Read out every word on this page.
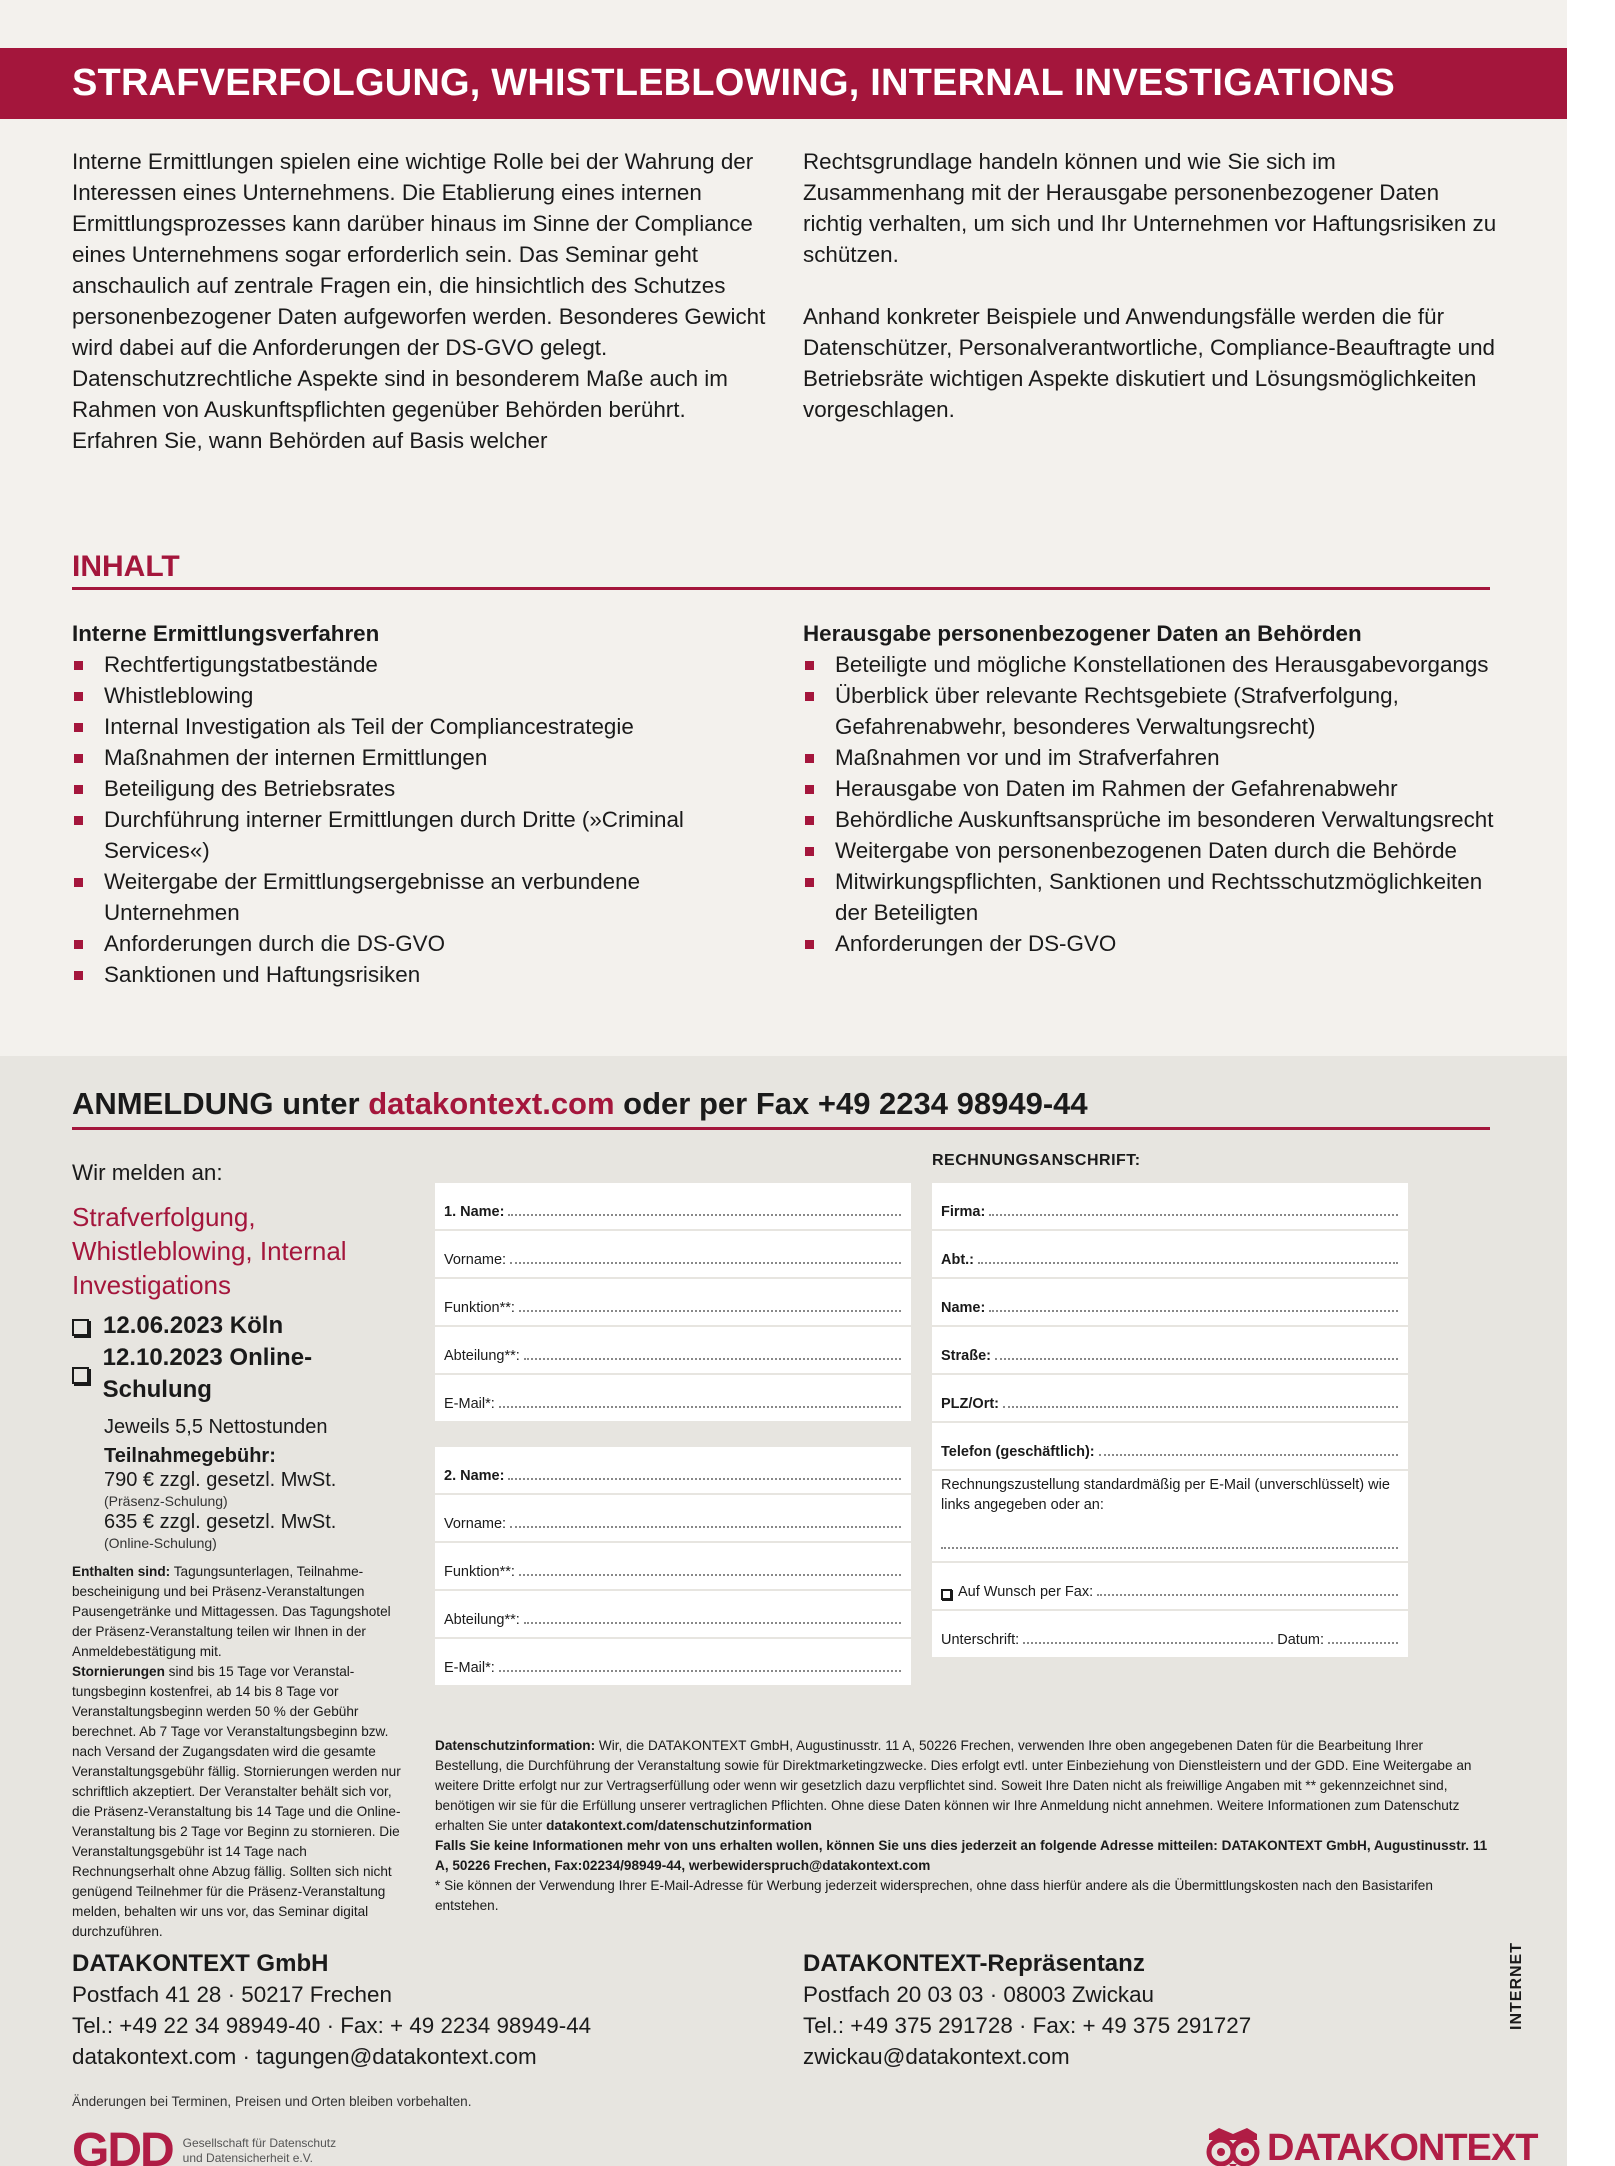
STRAFVERFOLGUNG, WHISTLEBLOWING, INTERNAL INVESTIGATIONS

Interne Ermittlungen spielen eine wichtige Rolle bei der Wahrung der Interessen eines Unternehmens. Die Etablierung eines internen Ermittlungsprozesses kann darüber hinaus im Sinne der Compliance eines Unternehmens sogar erforderlich sein. Das Seminar geht anschaulich auf zentrale Fragen ein, die hinsichtlich des Schutzes personenbezogener Daten aufgeworfen werden. Besonderes Gewicht wird dabei auf die Anforderungen der DS-GVO gelegt. Datenschutzrechtliche Aspekte sind in besonderem Maße auch im Rahmen von Auskunftspflichten gegenüber Behörden berührt. Erfahren Sie, wann Behörden auf Basis welcher

Rechtsgrundlage handeln können und wie Sie sich im Zusammenhang mit der Herausgabe personenbezogener Daten richtig verhalten, um sich und Ihr Unternehmen vor Haftungsrisiken zu schützen.

Anhand konkreter Beispiele und Anwendungsfälle werden die für Datenschützer, Personalverantwortliche, Compliance-Beauftragte und Betriebsräte wichtigen Aspekte diskutiert und Lösungsmöglichkeiten vorgeschlagen.

INHALT
Interne Ermittlungsverfahren
Rechtfertigungstatbestände
Whistleblowing
Internal Investigation als Teil der Compliancestrategie
Maßnahmen der internen Ermittlungen
Beteiligung des Betriebsrates
Durchführung interner Ermittlungen durch Dritte (»Criminal Services«)
Weitergabe der Ermittlungsergebnisse an verbundene Unternehmen
Anforderungen durch die DS-GVO
Sanktionen und Haftungsrisiken
Herausgabe personenbezogener Daten an Behörden
Beteiligte und mögliche Konstellationen des Herausgabevorgangs
Überblick über relevante Rechtsgebiete (Strafverfolgung, Gefahrenabwehr, besonderes Verwaltungsrecht)
Maßnahmen vor und im Strafverfahren
Herausgabe von Daten im Rahmen der Gefahrenabwehr
Behördliche Auskunftsansprüche im besonderen Verwaltungsrecht
Weitergabe von personenbezogenen Daten durch die Behörde
Mitwirkungspflichten, Sanktionen und Rechtsschutzmöglichkeiten der Beteiligten
Anforderungen der DS-GVO
ANMELDUNG unter datakontext.com oder per Fax +49 2234 98949-44
Wir melden an:
Strafverfolgung, Whistleblowing, Internal Investigations
12.06.2023 Köln
12.10.2023 Online-Schulung
Jeweils 5,5 Nettostunden
Teilnahmegebühr:
790 € zzgl. gesetzl. MwSt.
(Präsenz-Schulung)
635 € zzgl. gesetzl. MwSt.
(Online-Schulung)
Enthalten sind: Tagungsunterlagen, Teilnahmebescheinigung und bei Präsenz-Veranstaltungen Pausengetränke und Mittagessen. Das Tagungshotel der Präsenz-Veranstaltung teilen wir Ihnen in der Anmeldebestätigung mit.
Stornierungen sind bis 15 Tage vor Veranstaltungsbeginn kostenfrei, ab 14 bis 8 Tage vor Veranstaltungsbeginn werden 50 % der Gebühr berechnet. Ab 7 Tage vor Veranstaltungsbeginn bzw. nach Versand der Zugangsdaten wird die gesamte Veranstaltungsgebühr fällig. Stornierungen werden nur schriftlich akzeptiert. Der Veranstalter behält sich vor, die Präsenz-Veranstaltung bis 14 Tage und die Online-Veranstaltung bis 2 Tage vor Beginn zu stornieren. Die Veranstaltungsgebühr ist 14 Tage nach Rechnungserhalt ohne Abzug fällig. Sollten sich nicht genügend Teilnehmer für die Präsenz-Veranstaltung melden, behalten wir uns vor, das Seminar digital durchzuführen.
1. Name:
Vorname:
Funktion**:
Abteilung**:
E-Mail*:
2. Name:
Vorname:
Funktion**:
Abteilung**:
E-Mail*:
RECHNUNGSANSCHRIFT:
Firma:
Abt.:
Name:
Straße:
PLZ/Ort:
Telefon (geschäftlich):
Rechnungszustellung standardmäßig per E-Mail (unverschlüsselt) wie links angegeben oder an:
Auf Wunsch per Fax:
Unterschrift:	Datum:
Datenschutzinformation: Wir, die DATAKONTEXT GmbH, Augustinusstr. 11 A, 50226 Frechen, verwenden Ihre oben angegebenen Daten für die Bearbeitung Ihrer Bestellung, die Durchführung der Veranstaltung sowie für Direktmarketingzwecke. Dies erfolgt evtl. unter Einbeziehung von Dienstleistern und der GDD. Eine Weitergabe an weitere Dritte erfolgt nur zur Vertragserfüllung oder wenn wir gesetzlich dazu verpflichtet sind. Soweit Ihre Daten nicht als freiwillige Angaben mit ** gekennzeichnet sind, benötigen wir sie für die Erfüllung unserer vertraglichen Pflichten. Ohne diese Daten können wir Ihre Anmeldung nicht annehmen. Weitere Informationen zum Datenschutz erhalten Sie unter datakontext.com/datenschutzinformation
Falls Sie keine Informationen mehr von uns erhalten wollen, können Sie uns dies jederzeit an folgende Adresse mitteilen: DATAKONTEXT GmbH, Augustinusstr. 11 A, 50226 Frechen, Fax:02234/98949-44, werbewiderspruch@datakontext.com
* Sie können der Verwendung Ihrer E-Mail-Adresse für Werbung jederzeit widersprechen, ohne dass hierfür andere als die Übermittlungskosten nach den Basistarifen entstehen.
DATAKONTEXT GmbH
Postfach 41 28 · 50217 Frechen
Tel.: +49 22 34 98949-40 · Fax: + 49 2234 98949-44
datakontext.com · tagungen@datakontext.com
DATAKONTEXT-Repräsentanz
Postfach 20 03 03 · 08003 Zwickau
Tel.: +49 375 291728 · Fax: + 49 375 291727
zwickau@datakontext.com
Änderungen bei Terminen, Preisen und Orten bleiben vorbehalten.
INTERNET
GDD Gesellschaft für Datenschutz
und Datensicherheit e.V.	DATAKONTEXT
